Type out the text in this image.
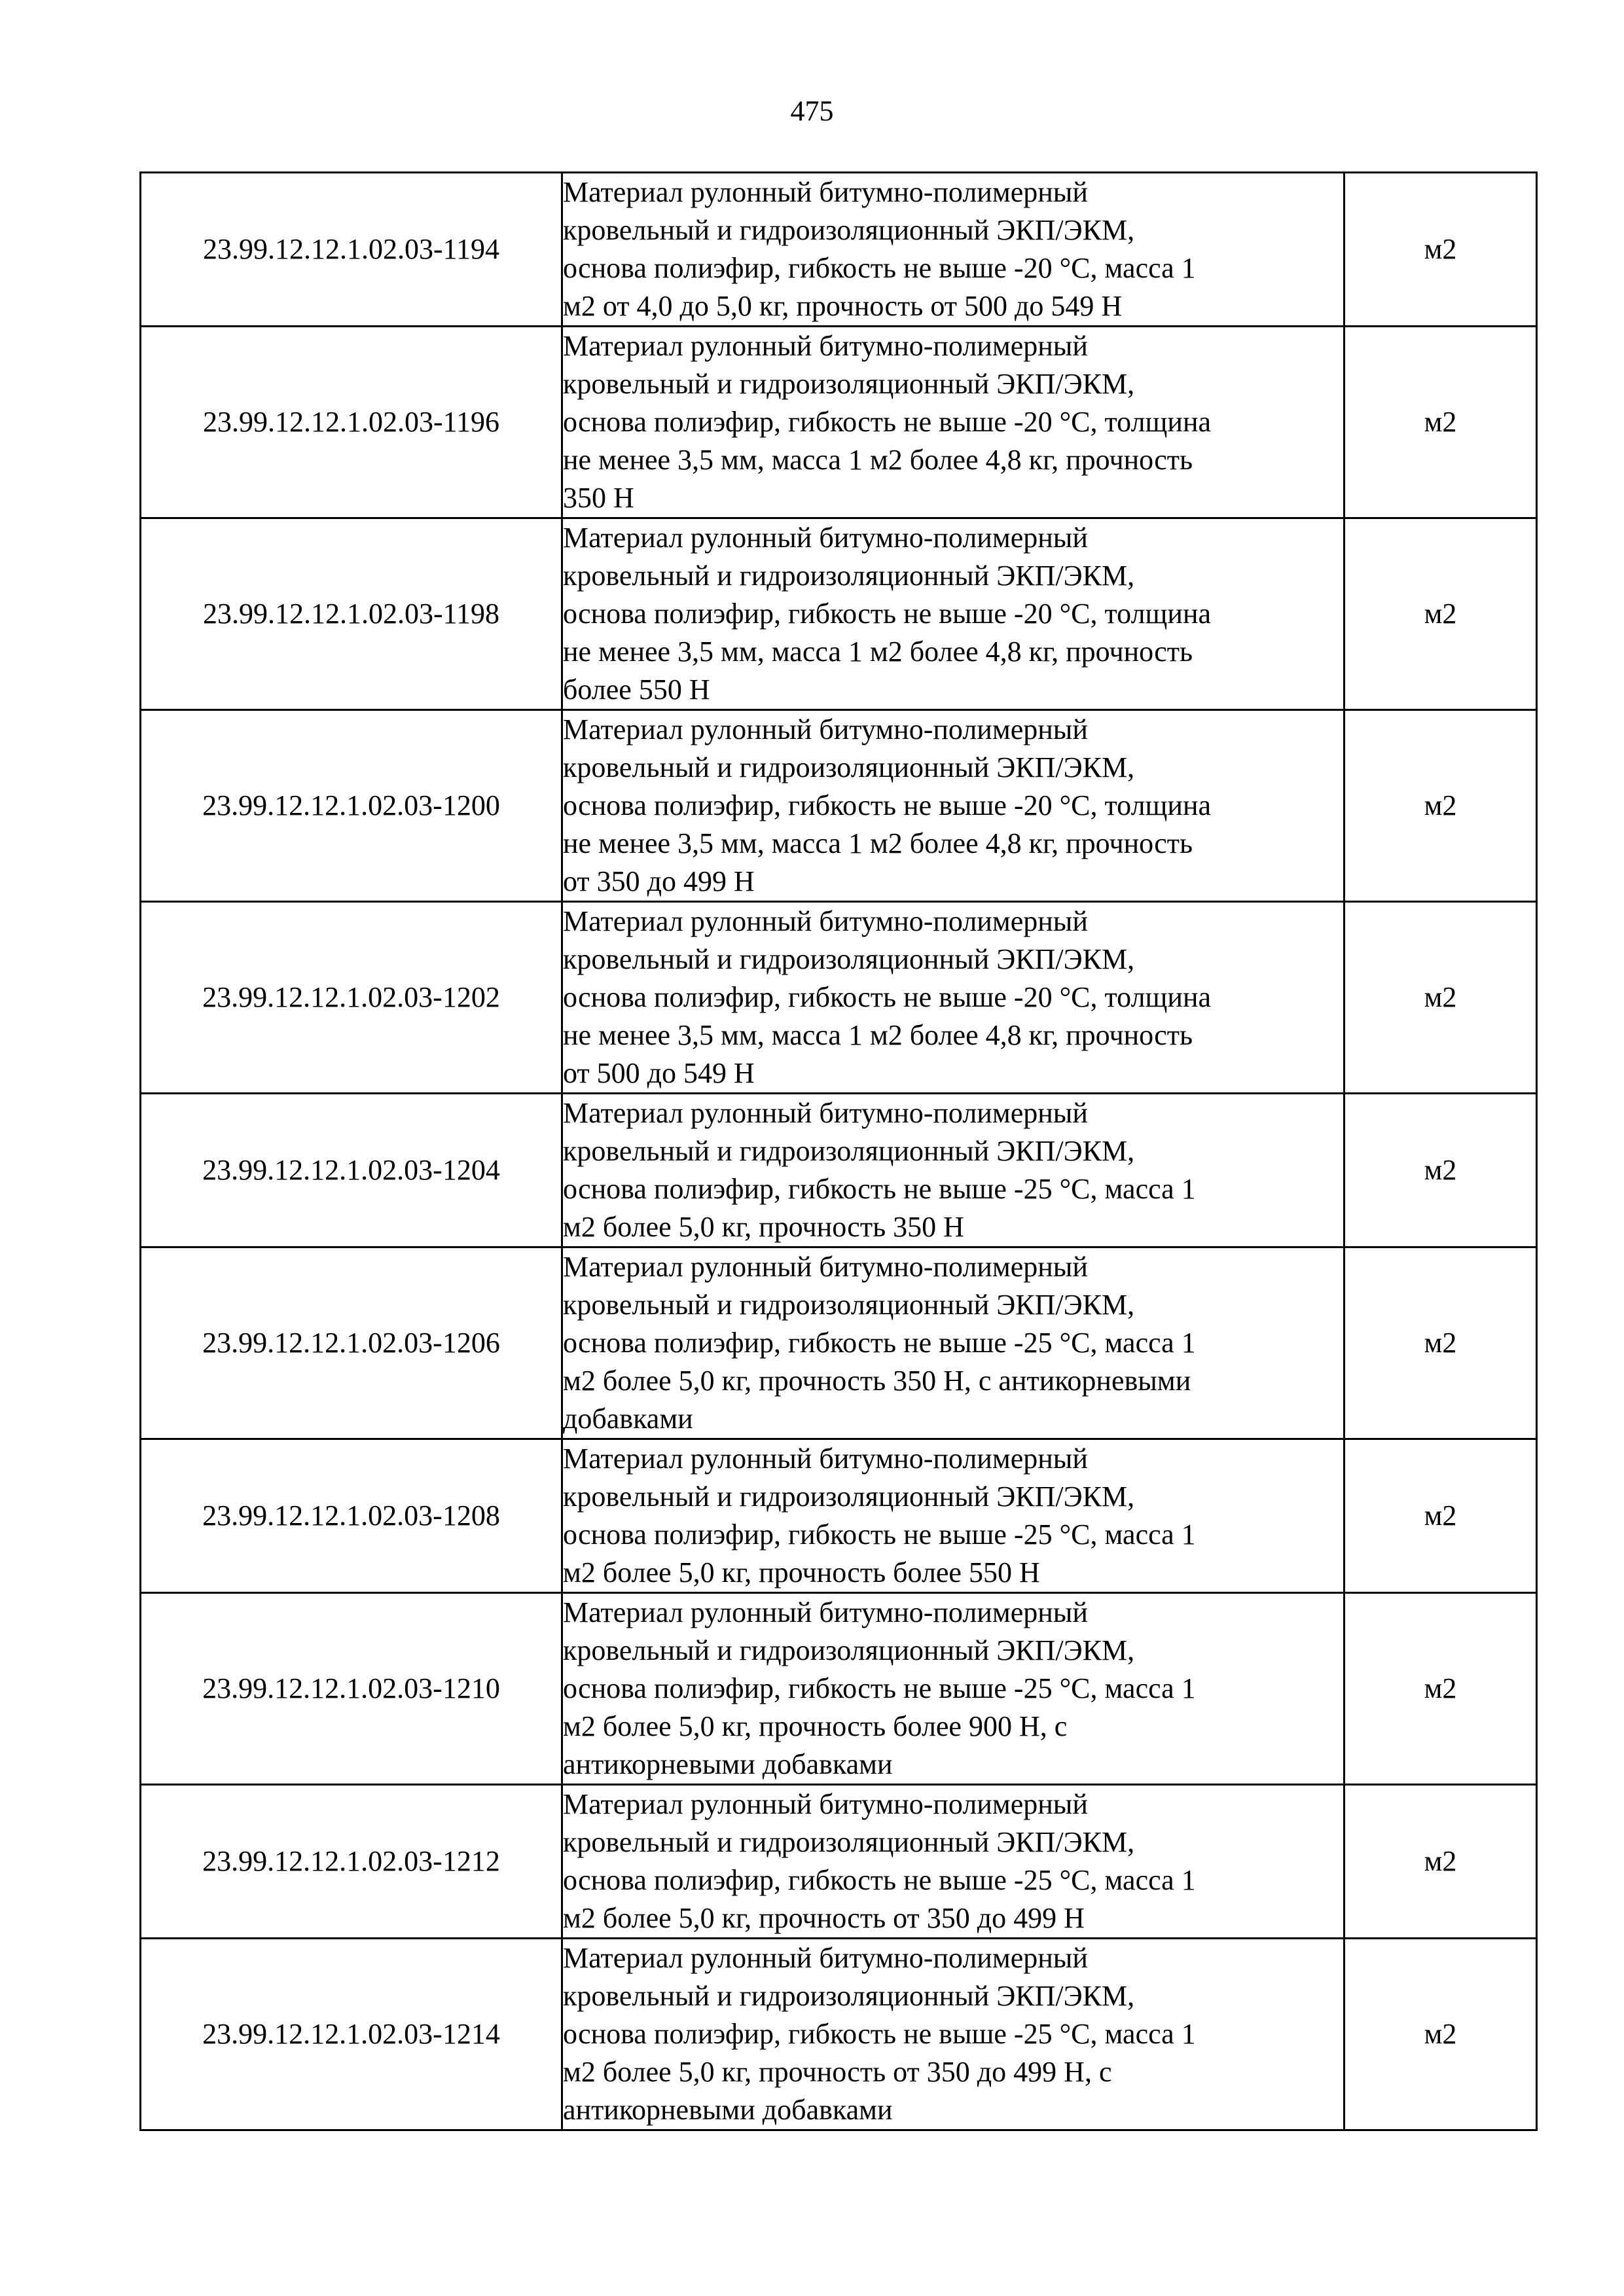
475
23.99.12.12.1.02.03-1194	Материал рулонный битумно-полимерный
кровельный и гидроизоляционный ЭКП/ЭКМ,
основа полиэфир, гибкость не выше -20 °С, масса 1
м2 от 4,0 до 5,0 кг, прочность от 500 до 549 Н	м2
23.99.12.12.1.02.03-1196	Материал рулонный битумно-полимерный
кровельный и гидроизоляционный ЭКП/ЭКМ,
основа полиэфир, гибкость не выше -20 °С, толщина
не менее 3,5 мм, масса 1 м2 более 4,8 кг, прочность
350 Н	м2
23.99.12.12.1.02.03-1198	Материал рулонный битумно-полимерный
кровельный и гидроизоляционный ЭКП/ЭКМ,
основа полиэфир, гибкость не выше -20 °С, толщина
не менее 3,5 мм, масса 1 м2 более 4,8 кг, прочность
более 550 Н	м2
23.99.12.12.1.02.03-1200	Материал рулонный битумно-полимерный
кровельный и гидроизоляционный ЭКП/ЭКМ,
основа полиэфир, гибкость не выше -20 °С, толщина
не менее 3,5 мм, масса 1 м2 более 4,8 кг, прочность
от 350 до 499 Н	м2
23.99.12.12.1.02.03-1202	Материал рулонный битумно-полимерный
кровельный и гидроизоляционный ЭКП/ЭКМ,
основа полиэфир, гибкость не выше -20 °С, толщина
не менее 3,5 мм, масса 1 м2 более 4,8 кг, прочность
от 500 до 549 Н	м2
23.99.12.12.1.02.03-1204	Материал рулонный битумно-полимерный
кровельный и гидроизоляционный ЭКП/ЭКМ,
основа полиэфир, гибкость не выше -25 °С, масса 1
м2 более 5,0 кг, прочность 350 Н	м2
23.99.12.12.1.02.03-1206	Материал рулонный битумно-полимерный
кровельный и гидроизоляционный ЭКП/ЭКМ,
основа полиэфир, гибкость не выше -25 °С, масса 1
м2 более 5,0 кг, прочность 350 Н, с антикорневыми
добавками	м2
23.99.12.12.1.02.03-1208	Материал рулонный битумно-полимерный
кровельный и гидроизоляционный ЭКП/ЭКМ,
основа полиэфир, гибкость не выше -25 °С, масса 1
м2 более 5,0 кг, прочность более 550 Н	м2
23.99.12.12.1.02.03-1210	Материал рулонный битумно-полимерный
кровельный и гидроизоляционный ЭКП/ЭКМ,
основа полиэфир, гибкость не выше -25 °С, масса 1
м2 более 5,0 кг, прочность более 900 Н, с
антикорневыми добавками	м2
23.99.12.12.1.02.03-1212	Материал рулонный битумно-полимерный
кровельный и гидроизоляционный ЭКП/ЭКМ,
основа полиэфир, гибкость не выше -25 °С, масса 1
м2 более 5,0 кг, прочность от 350 до 499 Н	м2
23.99.12.12.1.02.03-1214	Материал рулонный битумно-полимерный
кровельный и гидроизоляционный ЭКП/ЭКМ,
основа полиэфир, гибкость не выше -25 °С, масса 1
м2 более 5,0 кг, прочность от 350 до 499 Н, с
антикорневыми добавками	м2
